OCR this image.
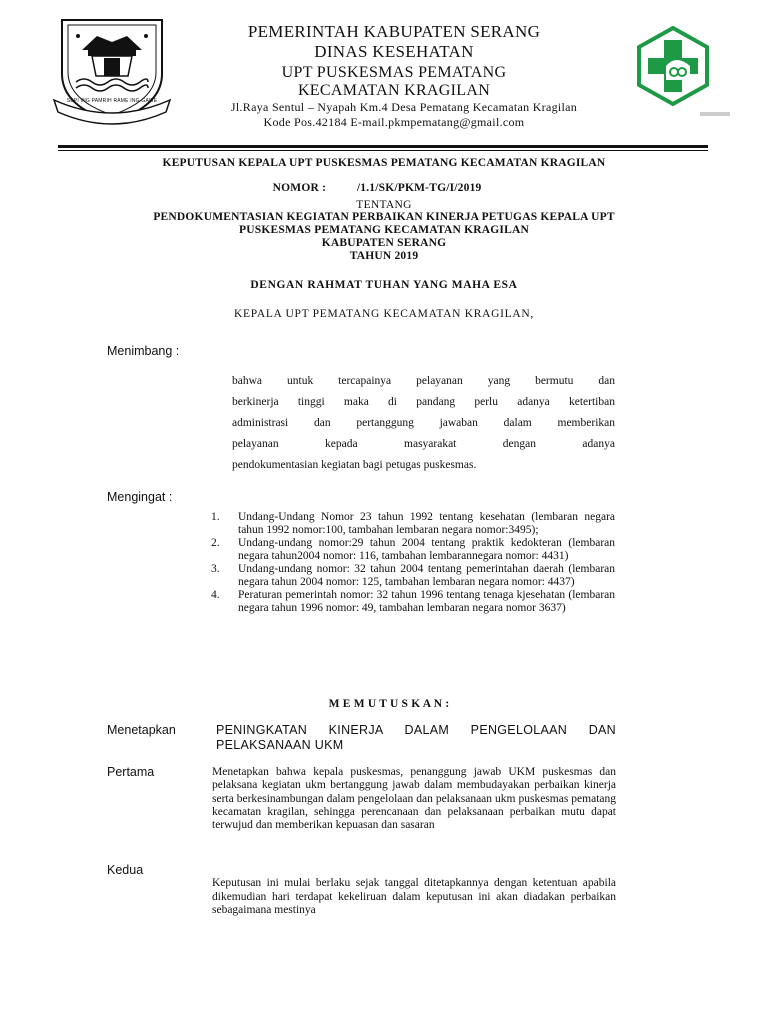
SEPI ING PAMRIH RAME ING GAWE
PEMERINTAH KABUPATEN SERANG
DINAS KESEHATAN
UPT PUSKESMAS PEMATANG
KECAMATAN KRAGILAN
Jl.Raya Sentul – Nyapah Km.4 Desa Pematang Kecamatan Kragilan
Kode Pos.42184 E-mail.pkmpematang@gmail.com
KEPUTUSAN KEPALA UPT PUSKESMAS PEMATANG KECAMATAN KRAGILAN

NOMOR :          /1.1/SK/PKM-TG/I/2019

TENTANG
PENDOKUMENTASIAN KEGIATAN PERBAIKAN KINERJA PETUGAS KEPALA UPT
PUSKESMAS PEMATANG KECAMATAN KRAGILAN
KABUPATEN SERANG
TAHUN 2019
DENGAN RAHMAT TUHAN YANG MAHA ESA
KEPALA UPT PEMATANG KECAMATAN KRAGILAN,
Menimbang :
bahwa untuk tercapainya pelayanan yang bermutu dan
berkinerja tinggi maka di pandang perlu adanya ketertiban
administrasi dan pertanggung jawaban dalam memberikan
pelayanan kepada masyarakat dengan adanya
pendokumentasian kegiatan bagi petugas puskesmas.
Mengingat :
1. Undang-Undang Nomor 23 tahun 1992 tentang kesehatan (lembaran negara tahun 1992 nomor:100, tambahan lembaran negara nomor:3495);
2. Undang-undang nomor:29 tahun 2004 tentang praktik kedokteran (lembaran negara tahun2004 nomor: 116, tambahan lembarannegara nomor: 4431)
3. Undang-undang nomor: 32 tahun 2004 tentang pemerintahan daerah (lembaran negara tahun 2004 nomor: 125, tambahan lembaran negara nomor: 4437)
4. Peraturan pemerintah nomor: 32 tahun 1996 tentang tenaga kjesehatan (lembaran negara tahun 1996 nomor: 49, tambahan lembaran negara nomor 3637)
M E M U T U S K A N :
Menetapkan	PENINGKATAN KINERJA DALAM PENGELOLAAN DAN PELAKSANAAN UKM
Pertama	Menetapkan bahwa kepala puskesmas, penanggung jawab UKM puskesmas dan pelaksana kegiatan ukm bertanggung jawab dalam membudayakan perbaikan kinerja serta berkesinambungan dalam pengelolaan dan pelaksanaan ukm puskesmas pematang kecamatan kragilan, sehingga perencanaan dan pelaksanaan perbaikan mutu dapat terwujud dan memberikan kepuasan dan sasaran
Kedua

Keputusan ini mulai berlaku sejak tanggal ditetapkannya dengan ketentuan apabila dikemudian hari terdapat kekeliruan dalam keputusan ini akan diadakan perbaikan sebagaimana mestinya
